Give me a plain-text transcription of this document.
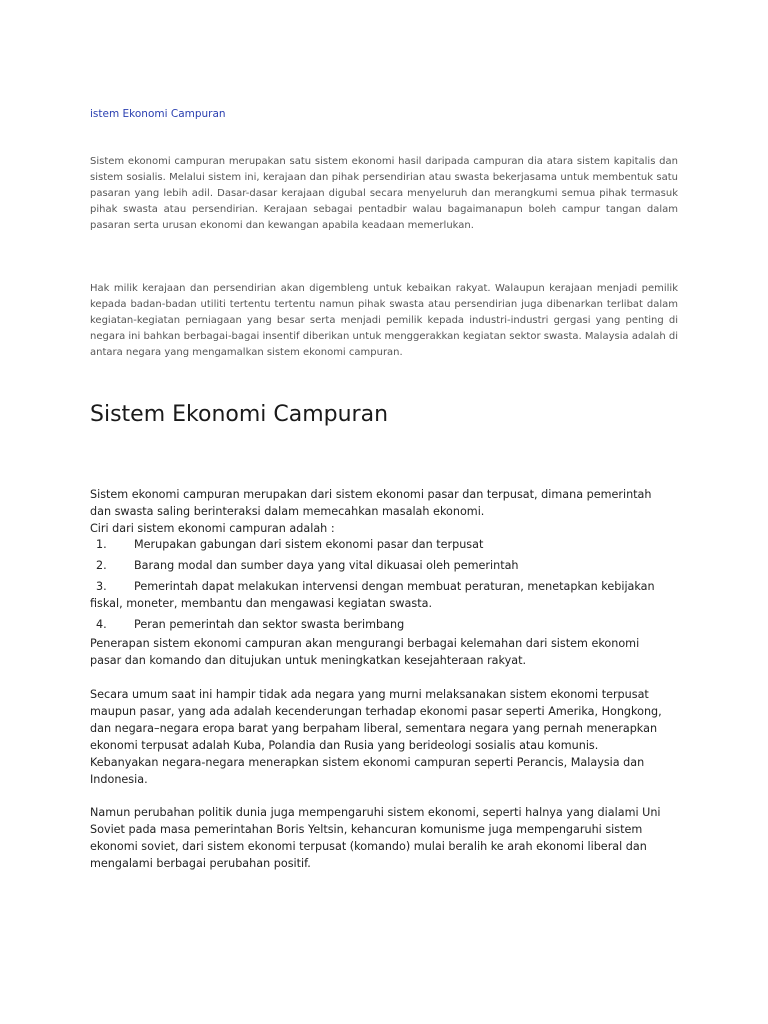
istem Ekonomi Campuran

Sistem ekonomi campuran merupakan satu sistem ekonomi hasil daripada campuran dia atara sistem kapitalis dan sistem sosialis. Melalui sistem ini, kerajaan dan pihak persendirian atau swasta bekerjasama untuk membentuk satu pasaran yang lebih adil. Dasar-dasar kerajaan digubal secara menyeluruh dan merangkumi semua pihak termasuk pihak swasta atau persendirian. Kerajaan sebagai pentadbir walau bagaimanapun boleh campur tangan dalam pasaran serta urusan ekonomi dan kewangan apabila keadaan memerlukan.

Hak milik kerajaan dan persendirian akan digembleng untuk kebaikan rakyat. Walaupun kerajaan menjadi pemilik kepada badan-badan utiliti tertentu tertentu namun pihak swasta atau persendirian juga dibenarkan terlibat dalam kegiatan-kegiatan perniagaan yang besar serta menjadi pemilik kepada industri-industri gergasi yang penting di negara ini bahkan berbagai-bagai insentif diberikan untuk menggerakkan kegiatan sektor swasta. Malaysia adalah di antara negara yang mengamalkan sistem ekonomi campuran.

Sistem Ekonomi Campuran
Sistem ekonomi campuran merupakan dari sistem ekonomi pasar dan terpusat, dimana pemerintah
dan swasta saling berinteraksi dalam memecahkan masalah ekonomi.
Ciri dari sistem ekonomi campuran adalah :
1. Merupakan gabungan dari sistem ekonomi pasar dan terpusat
2. Barang modal dan sumber daya yang vital dikuasai oleh pemerintah
3. Pemerintah dapat melakukan intervensi dengan membuat peraturan, menetapkan kebijakan
fiskal, moneter, membantu dan mengawasi kegiatan swasta.
4. Peran pemerintah dan sektor swasta berimbang
Penerapan sistem ekonomi campuran akan mengurangi berbagai kelemahan dari sistem ekonomi
pasar dan komando dan ditujukan untuk meningkatkan kesejahteraan rakyat.
Secara umum saat ini hampir tidak ada negara yang murni melaksanakan sistem ekonomi terpusat
maupun pasar, yang ada adalah kecenderungan terhadap ekonomi pasar seperti Amerika, Hongkong,
dan negara–negara eropa barat yang berpaham liberal, sementara negara yang pernah menerapkan
ekonomi terpusat adalah Kuba, Polandia dan Rusia yang berideologi sosialis atau komunis.
Kebanyakan negara-negara menerapkan sistem ekonomi campuran seperti Perancis, Malaysia dan
Indonesia.
Namun perubahan politik dunia juga mempengaruhi sistem ekonomi, seperti halnya yang dialami Uni
Soviet pada masa pemerintahan Boris Yeltsin, kehancuran komunisme juga mempengaruhi sistem
ekonomi soviet, dari sistem ekonomi terpusat (komando) mulai beralih ke arah ekonomi liberal dan
mengalami berbagai perubahan positif.
